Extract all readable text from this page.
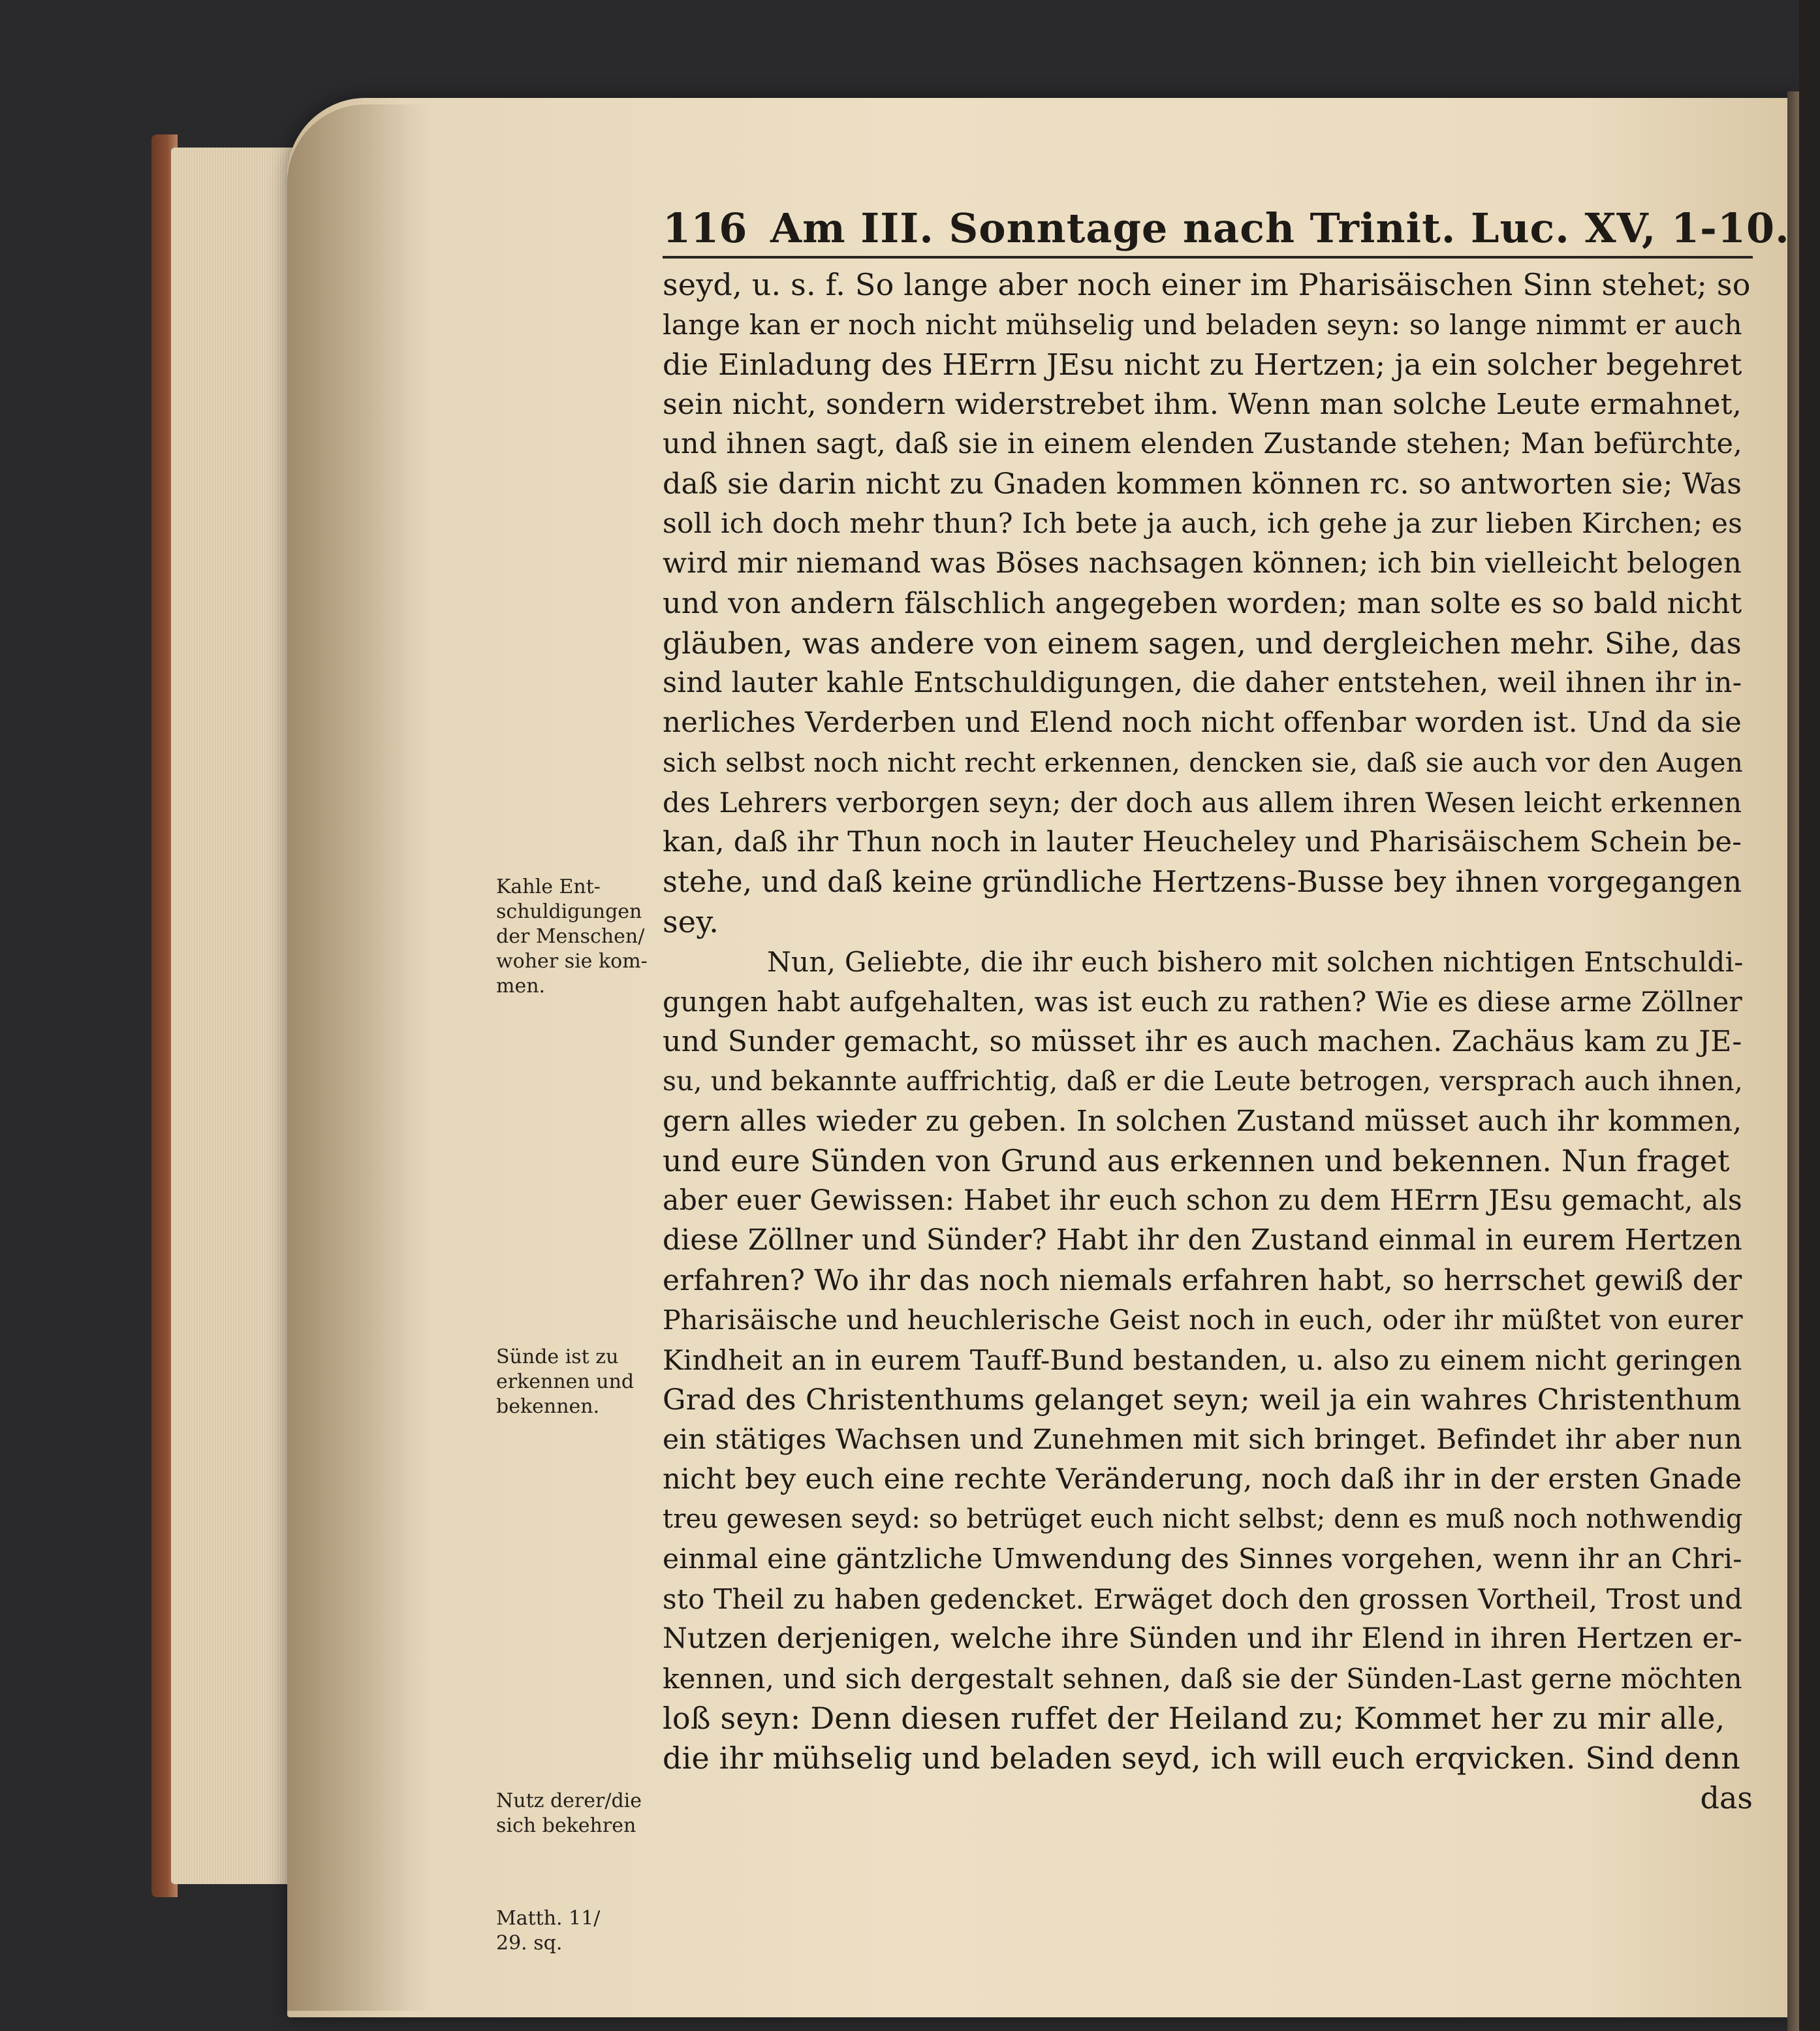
116 Am III. Sonntage nach Trinit. Luc. XV, 1-10.
Kahle Ent-
schuldigungen
der Menschen/
woher sie kom-
men.
Sünde ist zu
erkennen und
bekennen.
Nutz derer/die
sich bekehren
Matth. 11/
29. sq.
seyd, u. s. f. So lange aber noch einer im Pharisäischen Sinn stehet; so
lange kan er noch nicht mühselig und beladen seyn: so lange nimmt er auch
die Einladung des HErrn JEsu nicht zu Hertzen; ja ein solcher begehret
sein nicht, sondern widerstrebet ihm. Wenn man solche Leute ermahnet,
und ihnen sagt, daß sie in einem elenden Zustande stehen; Man befürchte,
daß sie darin nicht zu Gnaden kommen können rc. so antworten sie; Was
soll ich doch mehr thun? Ich bete ja auch, ich gehe ja zur lieben Kirchen; es
wird mir niemand was Böses nachsagen können; ich bin vielleicht belogen
und von andern fälschlich angegeben worden; man solte es so bald nicht
gläuben, was andere von einem sagen, und dergleichen mehr. Sihe, das
sind lauter kahle Entschuldigungen, die daher entstehen, weil ihnen ihr in-
nerliches Verderben und Elend noch nicht offenbar worden ist. Und da sie
sich selbst noch nicht recht erkennen, dencken sie, daß sie auch vor den Augen
des Lehrers verborgen seyn; der doch aus allem ihren Wesen leicht erkennen
kan, daß ihr Thun noch in lauter Heucheley und Pharisäischem Schein be-
stehe, und daß keine gründliche Hertzens-Busse bey ihnen vorgegangen
sey.
Nun, Geliebte, die ihr euch bishero mit solchen nichtigen Entschuldi-
gungen habt aufgehalten, was ist euch zu rathen? Wie es diese arme Zöllner
und Sunder gemacht, so müsset ihr es auch machen. Zachäus kam zu JE-
su, und bekannte auffrichtig, daß er die Leute betrogen, versprach auch ihnen,
gern alles wieder zu geben. In solchen Zustand müsset auch ihr kommen,
und eure Sünden von Grund aus erkennen und bekennen. Nun fraget
aber euer Gewissen: Habet ihr euch schon zu dem HErrn JEsu gemacht, als
diese Zöllner und Sünder? Habt ihr den Zustand einmal in eurem Hertzen
erfahren? Wo ihr das noch niemals erfahren habt, so herrschet gewiß der
Pharisäische und heuchlerische Geist noch in euch, oder ihr müßtet von eurer
Kindheit an in eurem Tauff-Bund bestanden, u. also zu einem nicht geringen
Grad des Christenthums gelanget seyn; weil ja ein wahres Christenthum
ein stätiges Wachsen und Zunehmen mit sich bringet. Befindet ihr aber nun
nicht bey euch eine rechte Veränderung, noch daß ihr in der ersten Gnade
treu gewesen seyd: so betrüget euch nicht selbst; denn es muß noch nothwendig
einmal eine gäntzliche Umwendung des Sinnes vorgehen, wenn ihr an Chri-
sto Theil zu haben gedencket. Erwäget doch den grossen Vortheil, Trost und
Nutzen derjenigen, welche ihre Sünden und ihr Elend in ihren Hertzen er-
kennen, und sich dergestalt sehnen, daß sie der Sünden-Last gerne möchten
loß seyn: Denn diesen ruffet der Heiland zu; Kommet her zu mir alle,
die ihr mühselig und beladen seyd, ich will euch erqvicken. Sind denn
das
